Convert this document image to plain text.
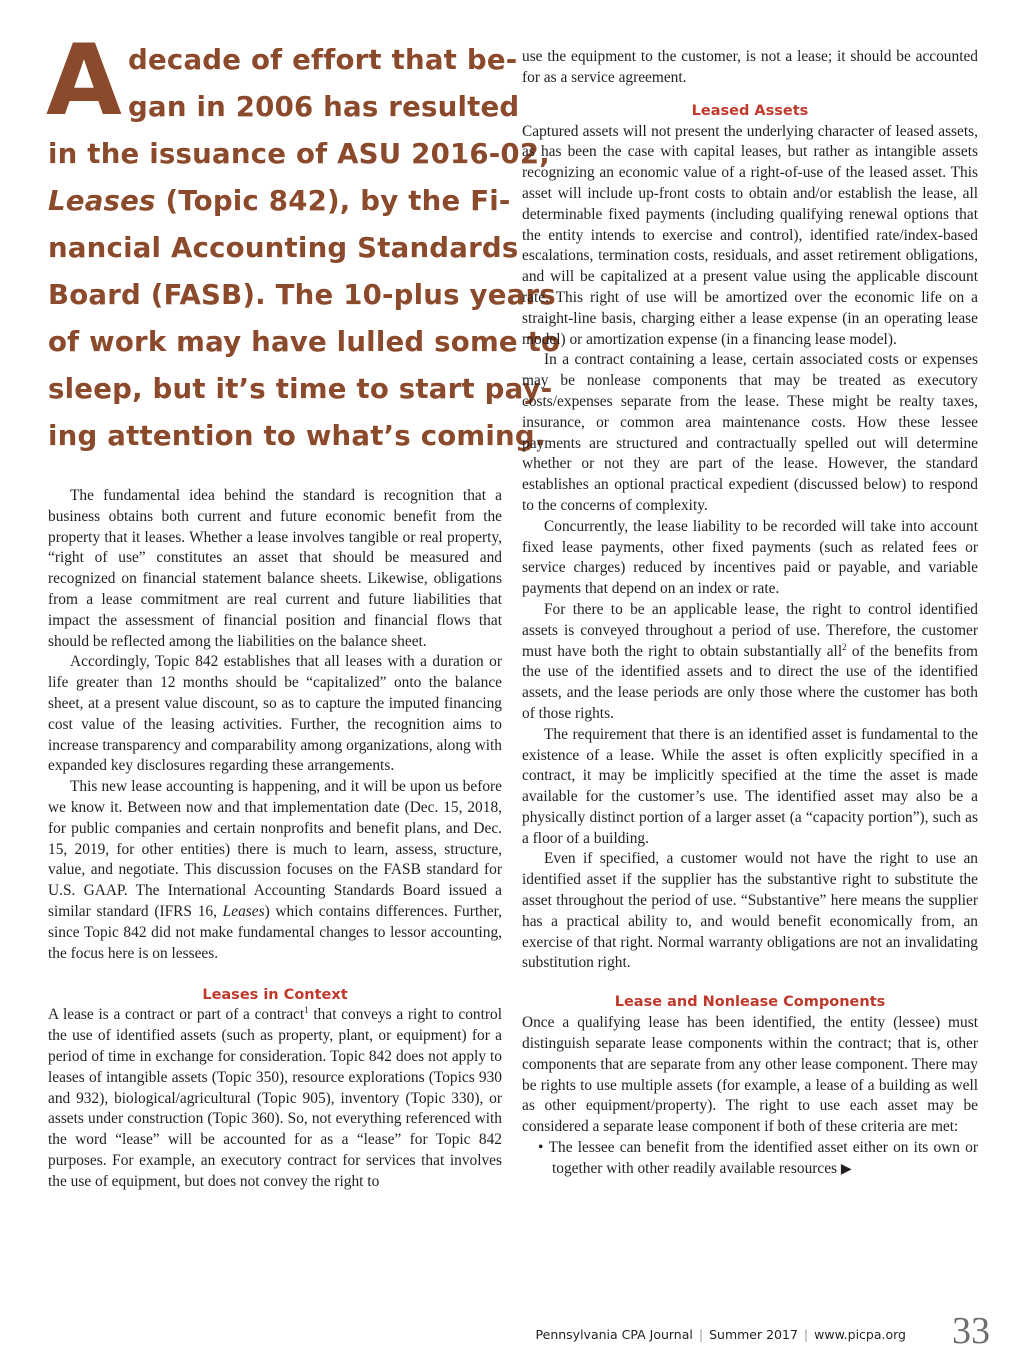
A decade of effort that be-
gan in 2006 has resulted
in the issuance of ASU 2016-02,
Leases (Topic 842), by the Fi-
nancial Accounting Standards
Board (FASB). The 10-plus years
of work may have lulled some to
sleep, but it’s time to start pay-
ing attention to what’s coming.

The fundamental idea behind the standard is recognition that a business obtains both current and future economic benefit from the property that it leases. Whether a lease involves tangible or real property, “right of use” constitutes an asset that should be measured and recognized on financial statement balance sheets. Likewise, obligations from a lease commitment are real current and future liabilities that impact the assessment of financial position and financial flows that should be reflected among the liabilities on the balance sheet.

Accordingly, Topic 842 establishes that all leases with a duration or life greater than 12 months should be “capitalized” onto the balance sheet, at a present value discount, so as to capture the imputed financing cost value of the leasing activities. Further, the recognition aims to increase transparency and comparability among organizations, along with expanded key disclosures regarding these arrangements.

This new lease accounting is happening, and it will be upon us before we know it. Between now and that implementation date (Dec. 15, 2018, for public companies and certain nonprofits and benefit plans, and Dec. 15, 2019, for other entities) there is much to learn, assess, structure, value, and negotiate. This discussion focuses on the FASB standard for U.S. GAAP. The International Accounting Standards Board issued a similar standard (IFRS 16, Leases) which contains differences. Further, since Topic 842 did not make fundamental changes to lessor accounting, the focus here is on lessees.

Leases in Context

A lease is a contract or part of a contract$^1$ that conveys a right to control the use of identified assets (such as property, plant, or equipment) for a period of time in exchange for consideration. Topic 842 does not apply to leases of intangible assets (Topic 350), resource explorations (Topics 930 and 932), biological/agricultural (Topic 905), inventory (Topic 330), or assets under construction (Topic 360). So, not everything referenced with the word “lease” will be accounted for as a “lease” for Topic 842 purposes. For example, an executory contract for services that involves the use of equipment, but does not convey the right to

use the equipment to the customer, is not a lease; it should be accounted for as a service agreement.

Leased Assets

Captured assets will not present the underlying character of leased assets, as has been the case with capital leases, but rather as intangible assets recognizing an economic value of a right-of-use of the leased asset. This asset will include up-front costs to obtain and/or establish the lease, all determinable fixed payments (including qualifying renewal options that the entity intends to exercise and control), identified rate/index-based escalations, termination costs, residuals, and asset retirement obligations, and will be capitalized at a present value using the applicable discount rate. This right of use will be amortized over the economic life on a straight-line basis, charging either a lease expense (in an operating lease model) or amortization expense (in a financing lease model).

In a contract containing a lease, certain associated costs or expenses may be nonlease components that may be treated as executory costs/expenses separate from the lease. These might be realty taxes, insurance, or common area maintenance costs. How these lessee payments are structured and contractually spelled out will determine whether or not they are part of the lease. However, the standard establishes an optional practical expedient (discussed below) to respond to the concerns of complexity.

Concurrently, the lease liability to be recorded will take into account fixed lease payments, other fixed payments (such as related fees or service charges) reduced by incentives paid or payable, and variable payments that depend on an index or rate.

For there to be an applicable lease, the right to control identified assets is conveyed throughout a period of use. Therefore, the customer must have both the right to obtain substantially all$^2$ of the benefits from the use of the identified assets and to direct the use of the identified assets, and the lease periods are only those where the customer has both of those rights.

The requirement that there is an identified asset is fundamental to the existence of a lease. While the asset is often explicitly specified in a contract, it may be implicitly specified at the time the asset is made available for the customer’s use. The identified asset may also be a physically distinct portion of a larger asset (a “capacity portion”), such as a floor of a building.

Even if specified, a customer would not have the right to use an identified asset if the supplier has the substantive right to substitute the asset throughout the period of use. “Substantive” here means the supplier has a practical ability to, and would benefit economically from, an exercise of that right. Normal warranty obligations are not an invalidating substitution right.

Lease and Nonlease Components

Once a qualifying lease has been identified, the entity (lessee) must distinguish separate lease components within the contract; that is, other components that are separate from any other lease component. There may be rights to use multiple assets (for example, a lease of a building as well as other equipment/property). The right to use each asset may be considered a separate lease component if both of these criteria are met:

• The lessee can benefit from the identified asset either on its own or together with other readily available resources ▶

Pennsylvania CPA Journal | Summer 2017 | www.picpa.org 33
